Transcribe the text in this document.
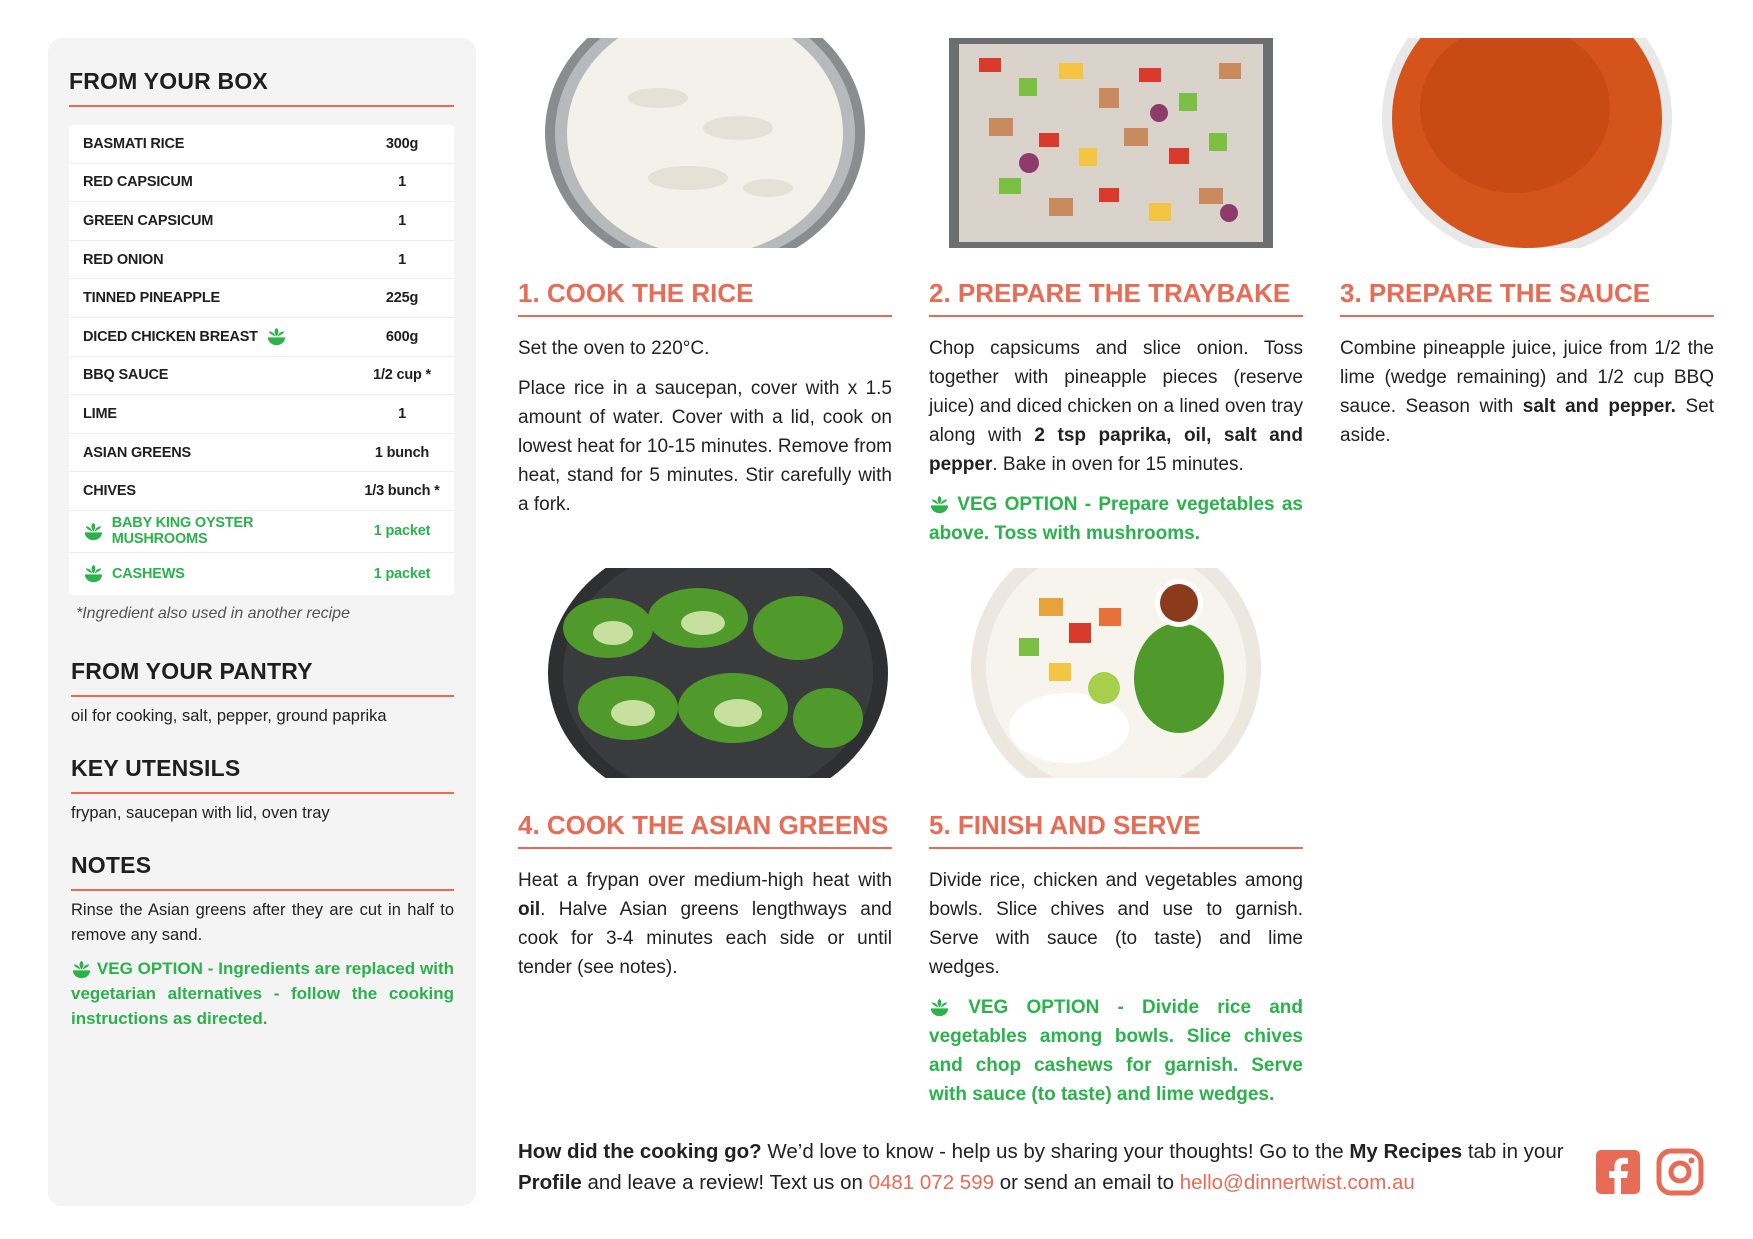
FROM YOUR BOX
BASMATI RICE	300g
RED CAPSICUM	1
GREEN CAPSICUM	1
RED ONION	1
TINNED PINEAPPLE	225g
DICED CHICKEN BREAST	600g
BBQ SAUCE	1/2 cup *
LIME	1
ASIAN GREENS	1 bunch
CHIVES	1/3 bunch *
BABY KING OYSTER MUSHROOMS	1 packet
CASHEWS	1 packet
*Ingredient also used in another recipe
FROM YOUR PANTRY
oil for cooking, salt, pepper, ground paprika
KEY UTENSILS
frypan, saucepan with lid, oven tray
NOTES
Rinse the Asian greens after they are cut in half to remove any sand.
VEG OPTION - Ingredients are replaced with vegetarian alternatives - follow the cooking instructions as directed.
1. COOK THE RICE

Set the oven to 220°C.

Place rice in a saucepan, cover with x 1.5 amount of water. Cover with a lid, cook on lowest heat for 10-15 minutes. Remove from heat, stand for 5 minutes. Stir carefully with a fork.

2. PREPARE THE TRAYBAKE

Chop capsicums and slice onion. Toss together with pineapple pieces (reserve juice) and diced chicken on a lined oven tray along with 2 tsp paprika, oil, salt and pepper. Bake in oven for 15 minutes.

VEG OPTION - Prepare vegetables as above. Toss with mushrooms.
3. PREPARE THE SAUCE

Combine pineapple juice, juice from 1/2 the lime (wedge remaining) and 1/2 cup BBQ sauce. Season with salt and pepper. Set aside.

4. COOK THE ASIAN GREENS

Heat a frypan over medium-high heat with oil. Halve Asian greens lengthways and cook for 3-4 minutes each side or until tender (see notes).

5. FINISH AND SERVE

Divide rice, chicken and vegetables among bowls. Slice chives and use to garnish. Serve with sauce (to taste) and lime wedges.

VEG OPTION - Divide rice and vegetables among bowls. Slice chives and chop cashews for garnish. Serve with sauce (to taste) and lime wedges.
How did the cooking go? We’d love to know - help us by sharing your thoughts! Go to the My Recipes tab in your Profile and leave a review! Text us on 0481 072 599 or send an email to hello@dinnertwist.com.au
